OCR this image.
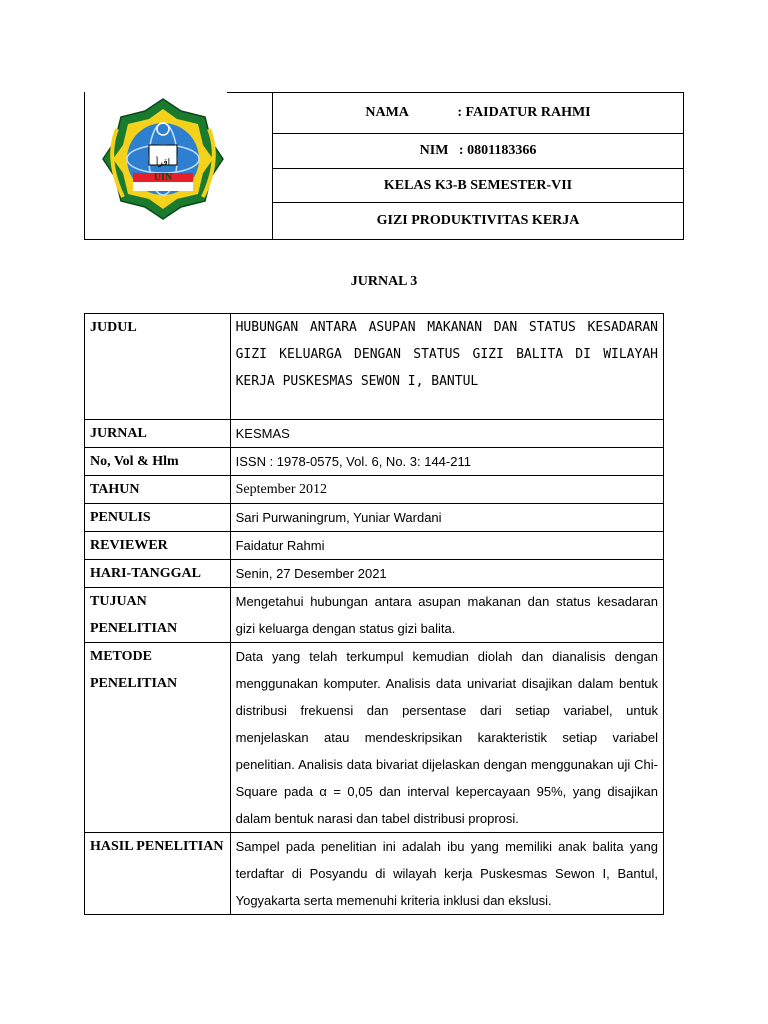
اقرأ
UIN
NAMA	: FAIDATUR RAHMI
NIM   : 0801183366
KELAS K3-B SEMESTER-VII
GIZI PRODUKTIVITAS KERJA
JURNAL 3
JUDUL	HUBUNGAN ANTARA ASUPAN MAKANAN DAN STATUS KESADARAN GIZI KELUARGA DENGAN STATUS GIZI BALITA DI WILAYAH KERJA PUSKESMAS SEWON I, BANTUL
JURNAL	KESMAS
No, Vol & Hlm	ISSN : 1978-0575, Vol. 6, No. 3: 144-211
TAHUN	September 2012
PENULIS	Sari Purwaningrum, Yuniar Wardani
REVIEWER	Faidatur Rahmi
HARI-TANGGAL	Senin, 27 Desember 2021
TUJUAN PENELITIAN	Mengetahui hubungan antara asupan makanan dan status kesadaran gizi keluarga dengan status gizi balita.
METODE PENELITIAN	Data yang telah terkumpul kemudian diolah dan dianalisis dengan menggunakan komputer. Analisis data univariat disajikan dalam bentuk distribusi frekuensi dan persentase dari setiap variabel, untuk menjelaskan atau mendeskripsikan karakteristik setiap variabel penelitian. Analisis data bivariat dijelaskan dengan menggunakan uji Chi-Square pada α = 0,05 dan interval kepercayaan 95%, yang disajikan dalam bentuk narasi dan tabel distribusi proprosi.
HASIL PENELITIAN	Sampel pada penelitian ini adalah ibu yang memiliki anak balita yang terdaftar di Posyandu di wilayah kerja Puskesmas Sewon I, Bantul, Yogyakarta serta memenuhi kriteria inklusi dan ekslusi.
